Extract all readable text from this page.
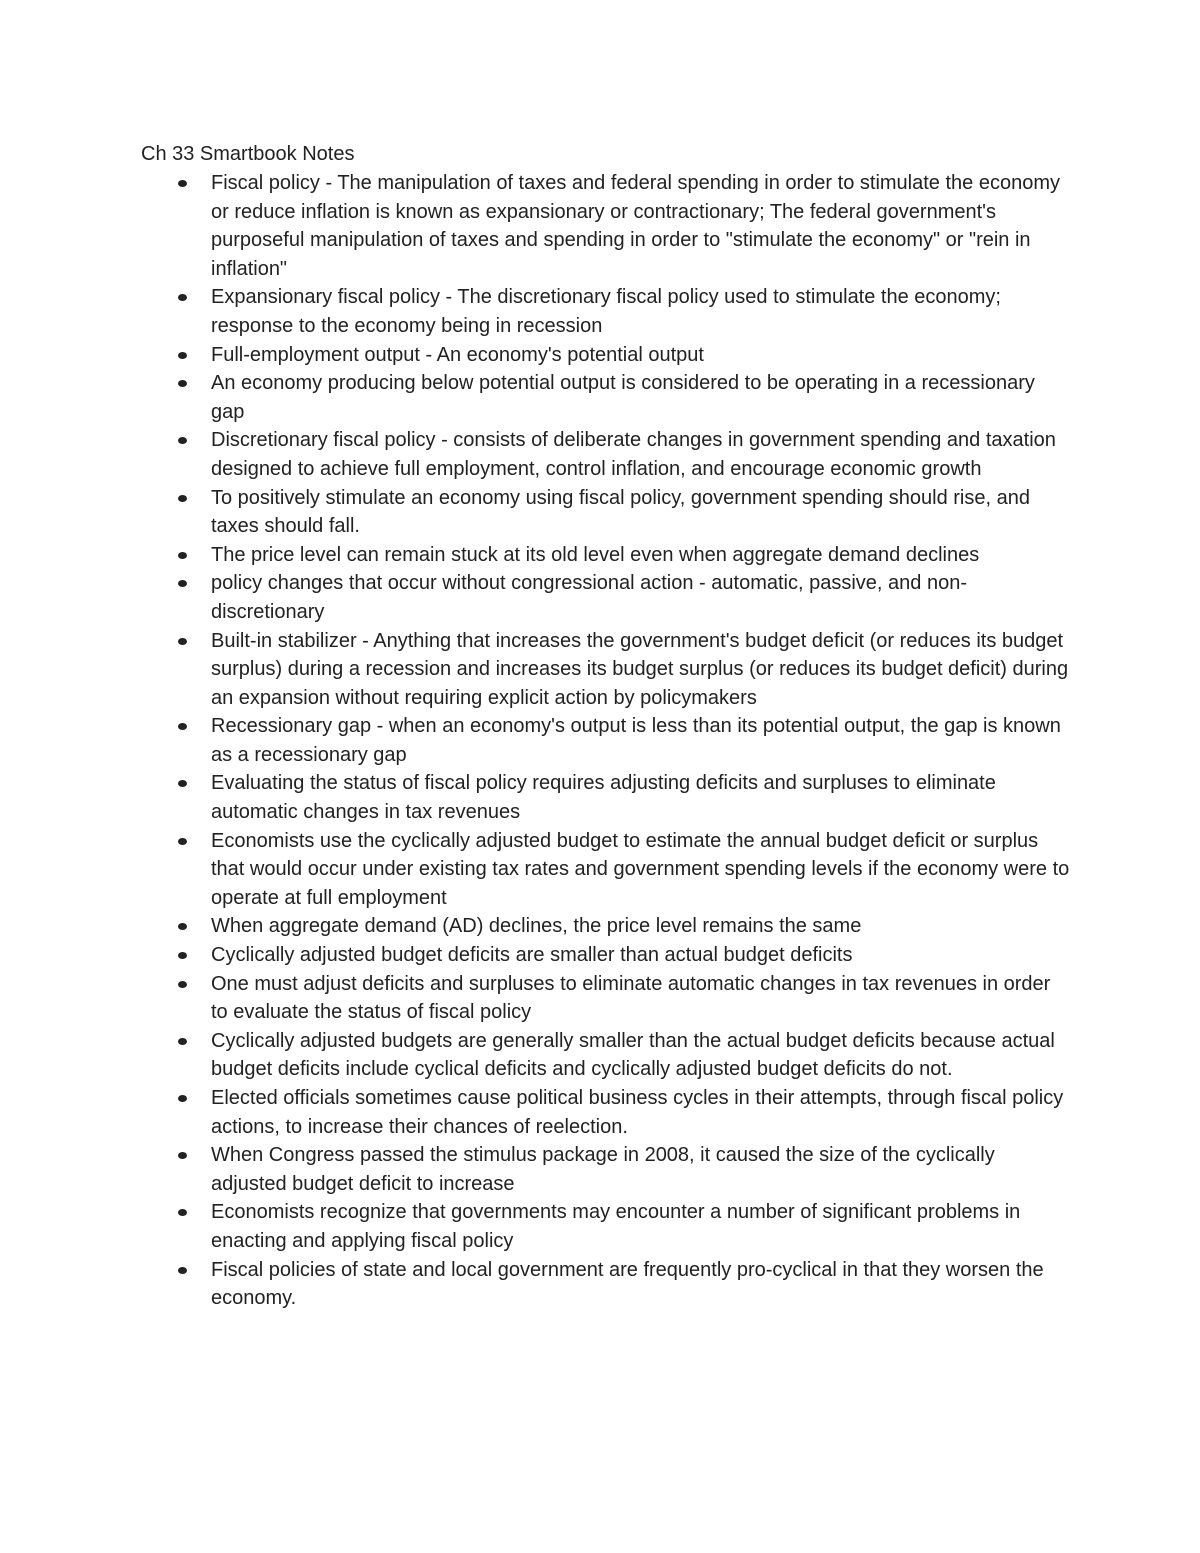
Ch 33 Smartbook Notes
Fiscal policy - The manipulation of taxes and federal spending in order to stimulate the economy or reduce inflation is known as expansionary or contractionary; The federal government's purposeful manipulation of taxes and spending in order to "stimulate the economy" or "rein in inflation"
Expansionary fiscal policy - The discretionary fiscal policy used to stimulate the economy; response to the economy being in recession
Full-employment output - An economy's potential output
An economy producing below potential output is considered to be operating in a recessionary gap
Discretionary fiscal policy - consists of deliberate changes in government spending and taxation designed to achieve full employment, control inflation, and encourage economic growth
To positively stimulate an economy using fiscal policy, government spending should rise, and taxes should fall.
The price level can remain stuck at its old level even when aggregate demand declines
policy changes that occur without congressional action - automatic, passive, and non-discretionary
Built-in stabilizer - Anything that increases the government's budget deficit (or reduces its budget surplus) during a recession and increases its budget surplus (or reduces its budget deficit) during an expansion without requiring explicit action by policymakers
Recessionary gap - when an economy's output is less than its potential output, the gap is known as a recessionary gap
Evaluating the status of fiscal policy requires adjusting deficits and surpluses to eliminate automatic changes in tax revenues
Economists use the cyclically adjusted budget to estimate the annual budget deficit or surplus that would occur under existing tax rates and government spending levels if the economy were to operate at full employment
When aggregate demand (AD) declines, the price level remains the same
Cyclically adjusted budget deficits are smaller than actual budget deficits
One must adjust deficits and surpluses to eliminate automatic changes in tax revenues in order to evaluate the status of fiscal policy
Cyclically adjusted budgets are generally smaller than the actual budget deficits because actual budget deficits include cyclical deficits and cyclically adjusted budget deficits do not.
Elected officials sometimes cause political business cycles in their attempts, through fiscal policy actions, to increase their chances of reelection.
When Congress passed the stimulus package in 2008, it caused the size of the cyclically adjusted budget deficit to increase
Economists recognize that governments may encounter a number of significant problems in enacting and applying fiscal policy
Fiscal policies of state and local government are frequently pro-cyclical in that they worsen the economy.
